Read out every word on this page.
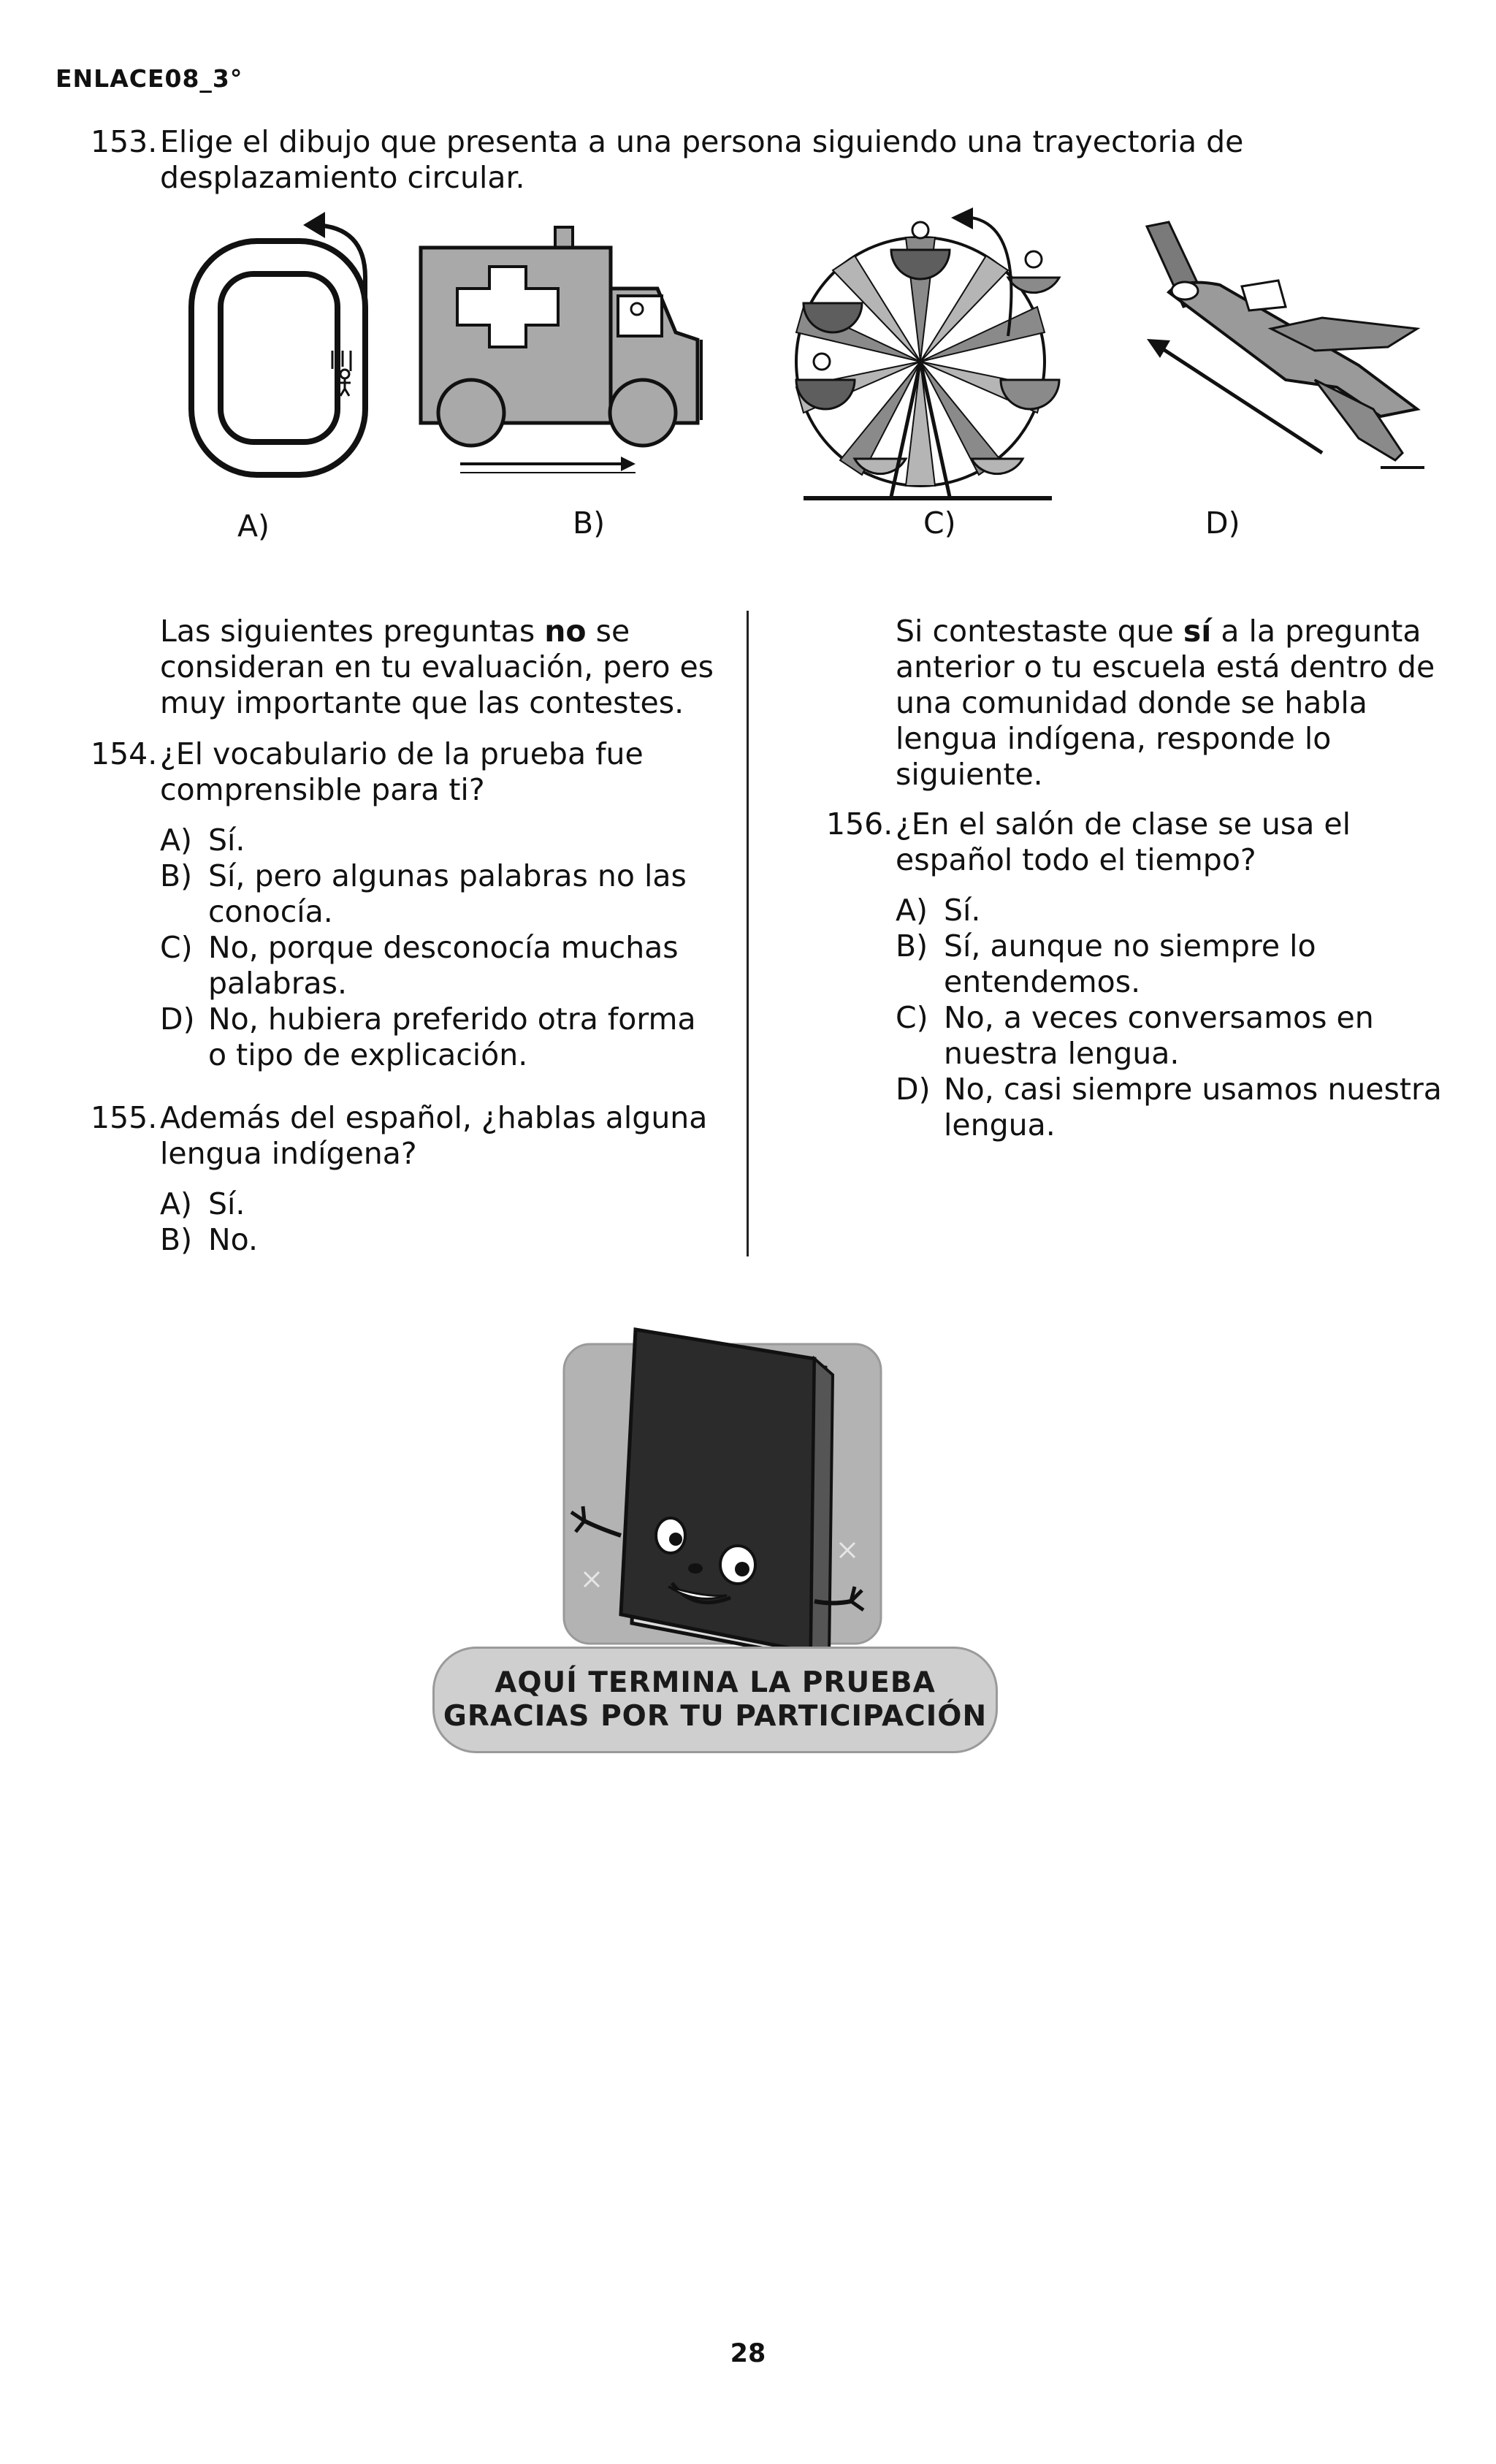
ENLACE08_3°
153. Elige el dibujo que presenta a una persona siguiendo una trayectoria de
desplazamiento circular.
A)	B)	C)	D)
Las siguientes preguntas no se
consideran en tu evaluación, pero es
muy importante que las contestes.
154. ¿El vocabulario de la prueba fue
comprensible para ti?
A) Sí.
B) Sí, pero algunas palabras no las
conocía.
C) No, porque desconocía muchas
palabras.
D) No, hubiera preferido otra forma
o tipo de explicación.
155. Además del español, ¿hablas alguna
lengua indígena?
A) Sí.
B) No.
Si contestaste que sí a la pregunta
anterior o tu escuela está dentro de
una comunidad donde se habla
lengua indígena, responde lo
siguiente.
156. ¿En el salón de clase se usa el
español todo el tiempo?
A) Sí.
B) Sí, aunque no siempre lo
entendemos.
C) No, a veces conversamos en
nuestra lengua.
D) No, casi siempre usamos nuestra
lengua.
AQUÍ TERMINA LA PRUEBA
GRACIAS POR TU PARTICIPACIÓN
28
